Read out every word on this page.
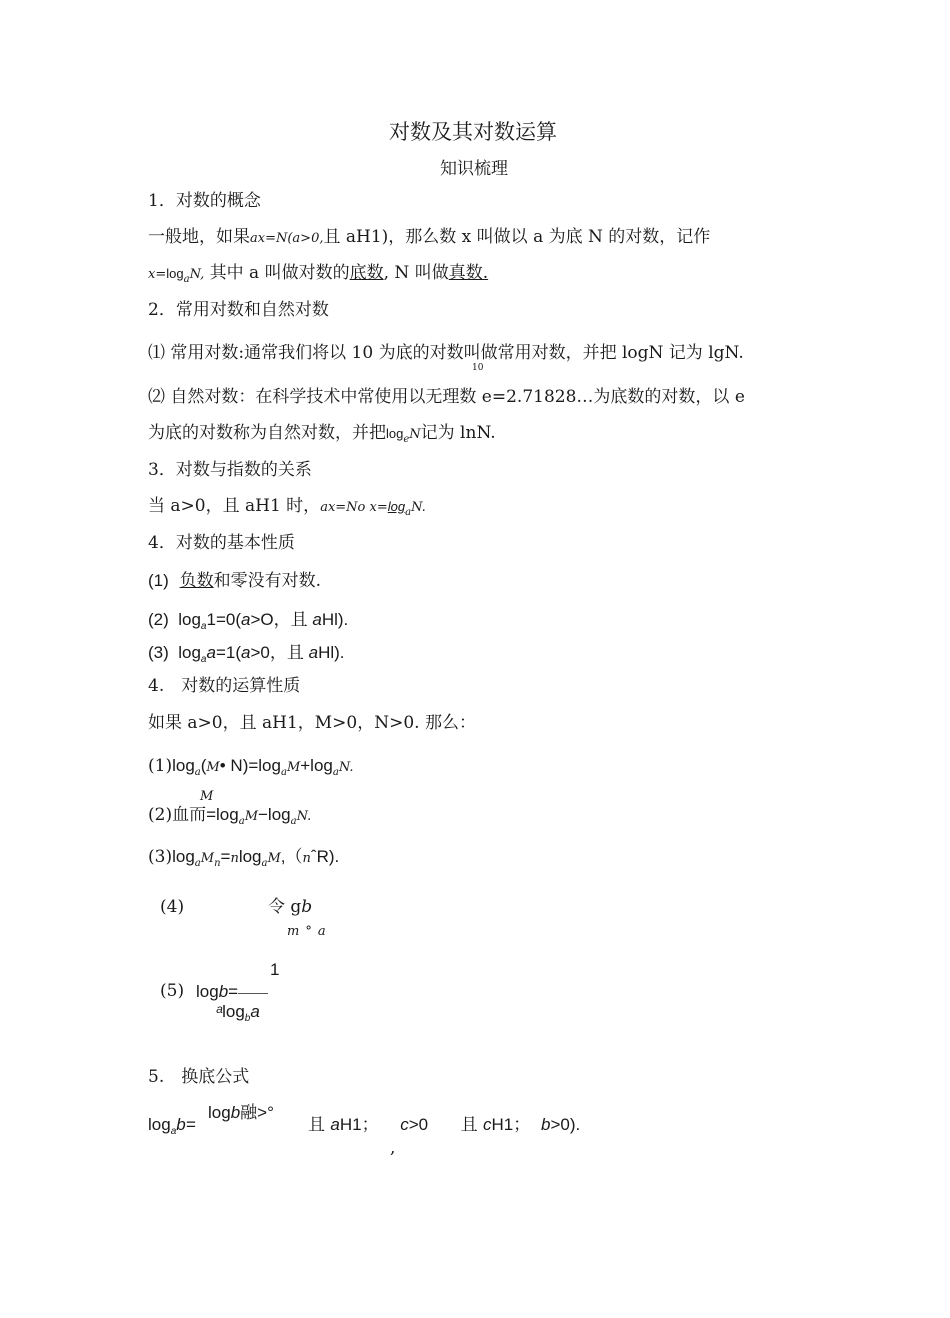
对数及其对数运算
知识梳理
1．对数的概念
一般地，如果ax=N(a>0,且 aH1)，那么数 x 叫做以 a 为底 N 的对数，记作
$x=\log_aN$, 其中 a 叫做对数的底数, N 叫做真数.
2．常用对数和自然对数
⑴ 常用对数:通常我们将以 10 为底的对数叫做常用对数，并把 logN 记为 lgN.
10
⑵ 自然对数：在科学技术中常使用以无理数 e=2.71828…为底数的对数，以 e
为底的对数称为自然对数，并把$\log_eN$记为 lnN.
3．对数与指数的关系
当 a>0，且 aH1 时，ax=No $x=\log_aN$.
4．对数的基本性质
(1) 负数和零没有对数.
(2) $\log_a1=0(a>O$，且 aHl).
(3) $\log_aa=1(a>0$，且 aHl).
4.　对数的运算性质
如果 a>0，且 aH1，M>0，N>0. 那么：
$(1)\log_a(M•$ $N)=\log_aM+\log_aN$.
M
(2)血而$=\log_aM-\log_aN$.
$(3)\log_aM_n=nlog_aM,(nˆR)$.
(4)	令 gb
m°a
1
(5) logb=
ᵃlog$_b$a
5.　换底公式
logb融>°
$\log_ab=$	且 aH1； c>0 且 cH1； b>0).
,
